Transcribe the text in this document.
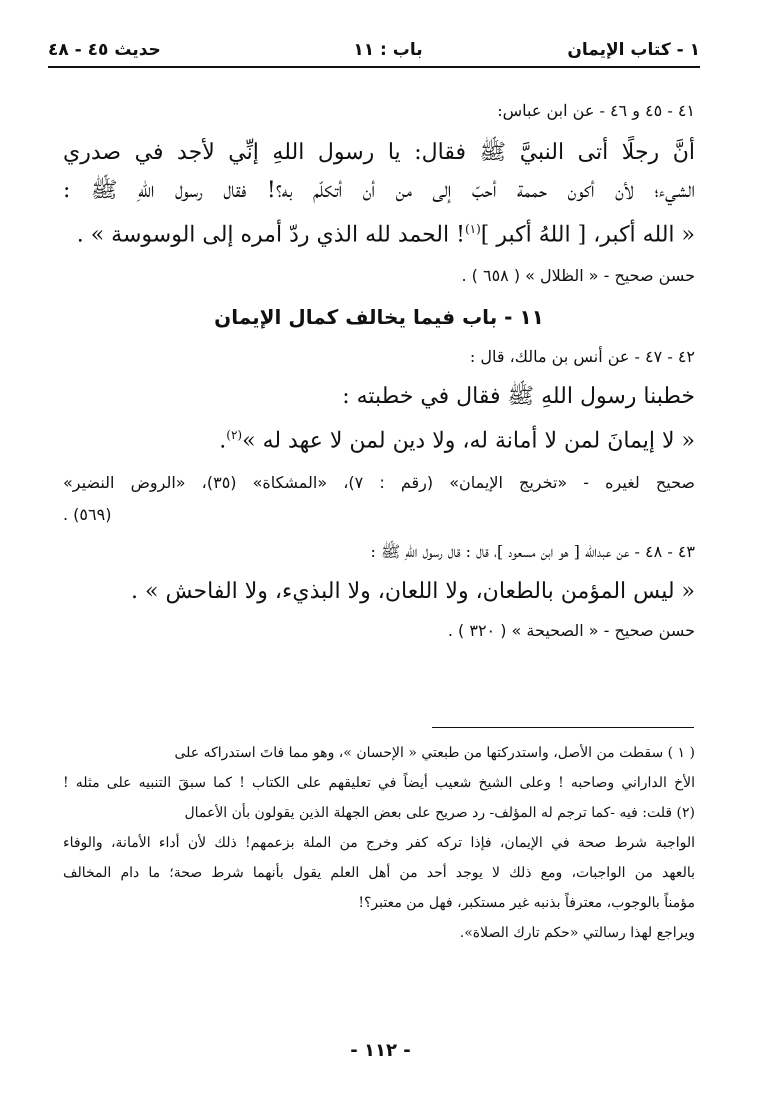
١ - كتاب الإيمان
باب : ١١
حديث ٤٥ - ٤٨

٤١ - ٤٥ و ٤٦ - عن ابن عباس:

أنَّ رجلًا أتى النبيَّ ﷺ فقال: يا رسول اللهِ إنِّي لأجد في صدري

الشيء؛ لأن أكون حممة أحبّ إلى من أن أتكلّم به؟! فقال رسول اللهِ ﷺ :

« الله أكبر، [ اللهُ أكبر ]$^{(١)}$! الحمد لله الذي ردّ أمره إلى الوسوسة » .

حسن صحيح - « الظلال » ( ٦٥٨ ) .

١١ - باب فيما يخالف كمال الإيمان

٤٢ - ٤٧ - عن أنس بن مالك، قال :

خطبنا رسول اللهِ ﷺ فقال في خطبته :

« لا إيمانَ لمن لا أمانة له، ولا دين لمن لا عهد له »$^{(٢)}$.

صحيح لغيره - «تخريج الإيمان» (رقم : ٧)، «المشكاة» (٣٥)، «الروض النضير»

(٥٦٩) .

٤٣ - ٤٨ - عن عبدالله [ هو ابن مسعود ]، قال : قال رسول اللهِ ﷺ :

« ليس المؤمن بالطعان، ولا اللعان، ولا البذيء، ولا الفاحش » .

حسن صحيح - « الصحيحة » ( ٣٢٠ ) .

( ١ ) سقطت من الأصل، واستدركتها من طبعتي « الإحسان »، وهو مما فاتَ استدراكه على
الأخ الداراني وصاحبه ! وعلى الشيخ شعيب أيضاً في تعليقهم على الكتاب ! كما سبقَ التنبيه على مثله !
(٢) قلت: فيه -كما ترجم له المؤلف- رد صريح على بعض الجهلة الذين يقولون بأن الأعمال
الواجبة شرط صحة في الإيمان، فإذا تركه كفر وخرج من الملة بزعمهم! ذلك لأن أداء الأمانة، والوفاء
بالعهد من الواجبات، ومع ذلك لا يوجد أحد من أهل العلم يقول بأنهما شرط صحة؛ ما دام المخالف
مؤمناً بالوجوب، معترفاً بذنبه غير مستكبر، فهل من معتبر؟!
ويراجع لهذا رسالتي «حكم تارك الصلاة».
- ١١٢ -
